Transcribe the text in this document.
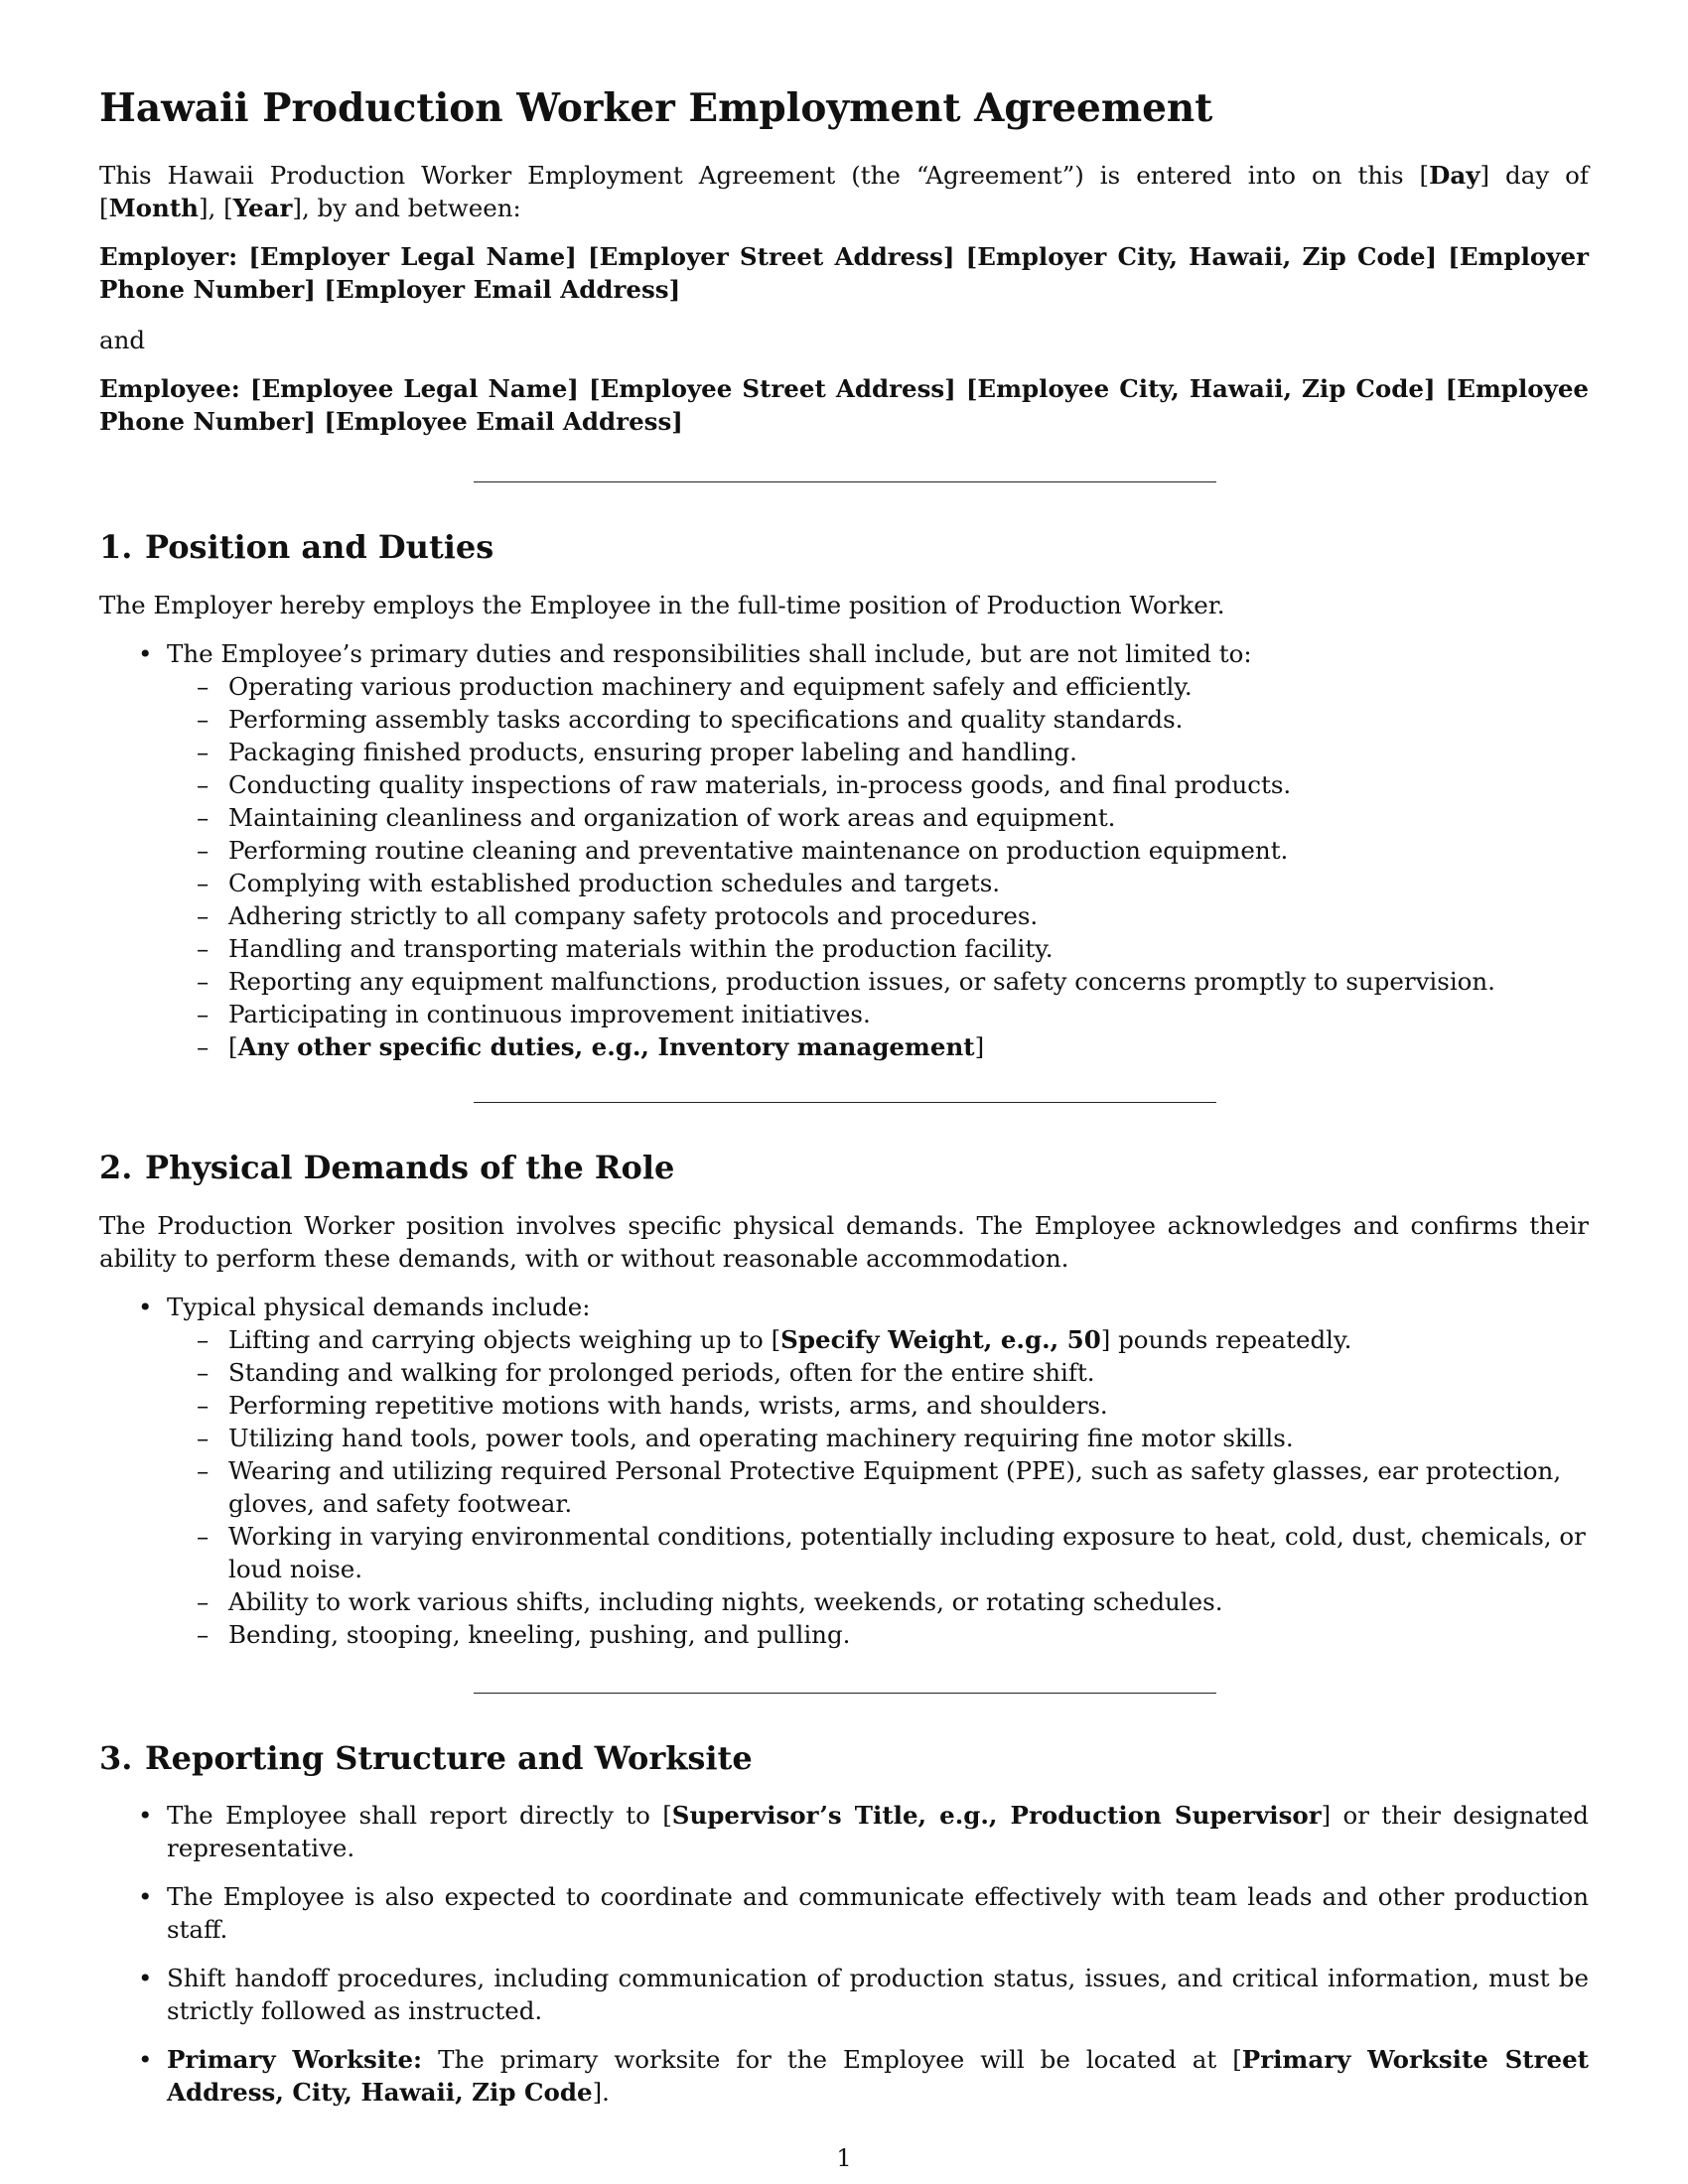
Hawaii Production Worker Employment Agreement

This Hawaii Production Worker Employment Agreement (the “Agreement”) is entered into on this [Day] day of [Month], [Year], by and between:

Employer: [Employer Legal Name] [Employer Street Address] [Employer City, Hawaii, Zip Code] [Employer Phone Number] [Employer Email Address]

and

Employee: [Employee Legal Name] [Employee Street Address] [Employee City, Hawaii, Zip Code] [Employee Phone Number] [Employee Email Address]

1. Position and Duties

The Employer hereby employs the Employee in the full-time position of Production Worker.

• The Employee’s primary duties and responsibilities shall include, but are not limited to:
– Operating various production machinery and equipment safely and efficiently.
– Performing assembly tasks according to specifications and quality standards.
– Packaging finished products, ensuring proper labeling and handling.
– Conducting quality inspections of raw materials, in-process goods, and final products.
– Maintaining cleanliness and organization of work areas and equipment.
– Performing routine cleaning and preventative maintenance on production equipment.
– Complying with established production schedules and targets.
– Adhering strictly to all company safety protocols and procedures.
– Handling and transporting materials within the production facility.
– Reporting any equipment malfunctions, production issues, or safety concerns promptly to supervision.
– Participating in continuous improvement initiatives.
– [Any other specific duties, e.g., Inventory management]
2. Physical Demands of the Role

The Production Worker position involves specific physical demands. The Employee acknowledges and confirms their ability to perform these demands, with or without reasonable accommodation.

• Typical physical demands include:
– Lifting and carrying objects weighing up to [Specify Weight, e.g., 50] pounds repeatedly.
– Standing and walking for prolonged periods, often for the entire shift.
– Performing repetitive motions with hands, wrists, arms, and shoulders.
– Utilizing hand tools, power tools, and operating machinery requiring fine motor skills.
– Wearing and utilizing required Personal Protective Equipment (PPE), such as safety glasses, ear protection, gloves, and safety footwear.
– Working in varying environmental conditions, potentially including exposure to heat, cold, dust, chemicals, or loud noise.
– Ability to work various shifts, including nights, weekends, or rotating schedules.
– Bending, stooping, kneeling, pushing, and pulling.
3. Reporting Structure and Worksite
• The Employee shall report directly to [Supervisor’s Title, e.g., Production Supervisor] or their designated representative.
• The Employee is also expected to coordinate and communicate effectively with team leads and other production staff.
• Shift handoff procedures, including communication of production status, issues, and critical information, must be strictly followed as instructed.
• Primary Worksite: The primary worksite for the Employee will be located at [Primary Worksite Street Address, City, Hawaii, Zip Code].
1
